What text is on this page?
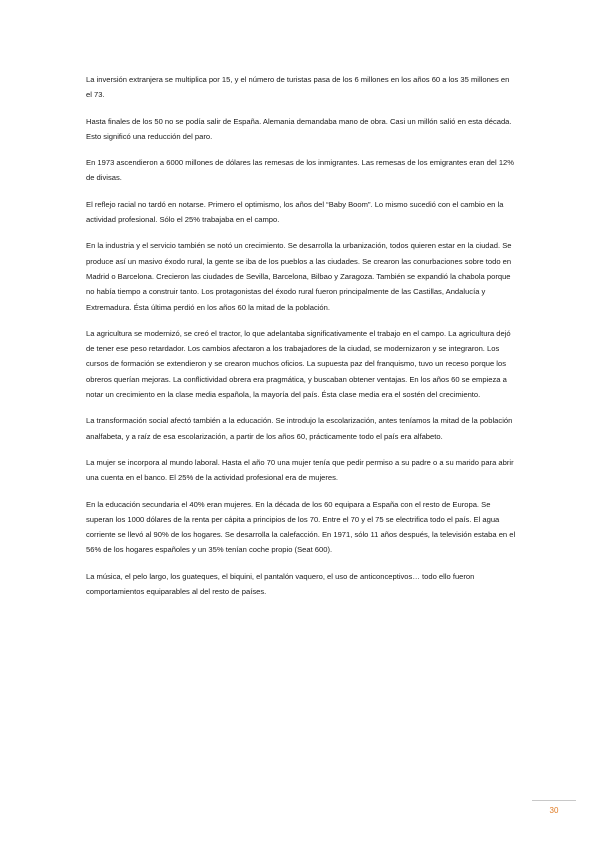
La inversión extranjera se multiplica por 15, y el número de turistas pasa de los 6 millones en los años 60 a los 35 millones en el 73.

Hasta finales de los 50 no se podía salir de España. Alemania demandaba mano de obra. Casi un millón salió en esta década. Esto significó una reducción del paro.

En 1973 ascendieron a 6000 millones de dólares las remesas de los inmigrantes. Las remesas de los emigrantes eran del 12% de divisas.

El reflejo racial no tardó en notarse. Primero el optimismo, los años del “Baby Boom”. Lo mismo sucedió con el cambio en la actividad profesional. Sólo el 25% trabajaba en el campo.

En la industria y el servicio también se notó un crecimiento. Se desarrolla la urbanización, todos quieren estar en la ciudad. Se produce así un masivo éxodo rural, la gente se iba de los pueblos a las ciudades. Se crearon las conurbaciones sobre todo en Madrid o Barcelona. Crecieron las ciudades de Sevilla, Barcelona, Bilbao y Zaragoza. También se expandió la chabola porque no había tiempo a construir tanto. Los protagonistas del éxodo rural fueron principalmente de las Castillas, Andalucía y Extremadura. Ésta última perdió en los años 60 la mitad de la población.

La agricultura se modernizó, se creó el tractor, lo que adelantaba significativamente el trabajo en el campo. La agricultura dejó de tener ese peso retardador. Los cambios afectaron a los trabajadores de la ciudad, se modernizaron y se integraron. Los cursos de formación se extendieron y se crearon muchos oficios. La supuesta paz del franquismo, tuvo un receso porque los obreros querían mejoras. La conflictividad obrera era pragmática, y buscaban obtener ventajas. En los años 60 se empieza a notar un crecimiento en la clase media española, la mayoría del país. Ésta clase media era el sostén del crecimiento.

La transformación social afectó también a la educación. Se introdujo la escolarización, antes teníamos la mitad de la población analfabeta, y a raíz de esa escolarización, a partir de los años 60, prácticamente todo el país era alfabeto.

La mujer se incorpora al mundo laboral. Hasta el año 70 una mujer tenía que pedir permiso a su padre o a su marido para abrir una cuenta en el banco. El 25% de la actividad profesional era de mujeres.

En la educación secundaria el 40% eran mujeres. En la década de los 60 equipara a España con el resto de Europa. Se superan los 1000 dólares de la renta per cápita a principios de los 70. Entre el 70 y el 75 se electrifica todo el país. El agua corriente se llevó al 90% de los hogares. Se desarrolla la calefacción. En 1971, sólo 11 años después, la televisión estaba en el 56% de los hogares españoles y un 35% tenían coche propio (Seat 600).

La música, el pelo largo, los guateques, el biquini, el pantalón vaquero, el uso de anticonceptivos… todo ello fueron comportamientos equiparables al del resto de países.

30
